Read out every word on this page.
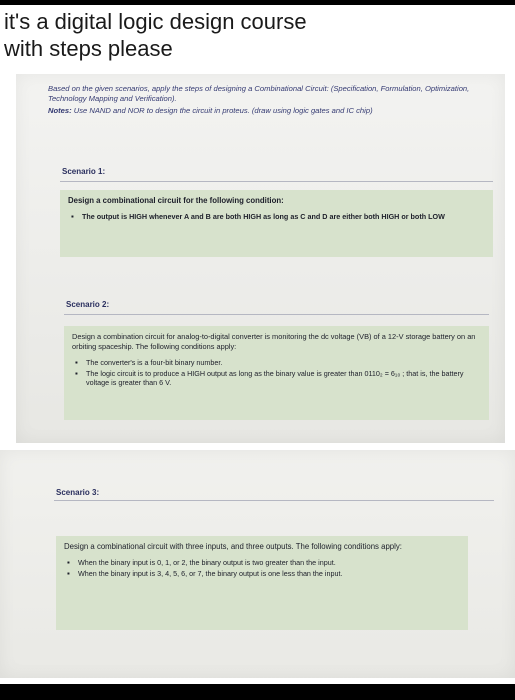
it's a digital logic design course
with steps please
Based on the given scenarios, apply the steps of designing a Combinational Circuit: (Specification, Formulation, Optimization, Technology Mapping and Verification).
Notes: Use NAND and NOR to design the circuit in proteus. (draw using logic gates and IC chip)
Scenario 1:
Design a combinational circuit for the following condition:
▪ The output is HIGH whenever A and B are both HIGH as long as C and D are either both HIGH or both LOW
Scenario 2:
Design a combination circuit for analog-to-digital converter is monitoring the dc voltage (VB) of a 12-V storage battery on an orbiting spaceship. The following conditions apply:
▪ The converter's is a four-bit binary number.
▪ The logic circuit is to produce a HIGH output as long as the binary value is greater than 0110₂ = 6₁₀ ; that is, the battery voltage is greater than 6 V.
Scenario 3:
Design a combinational circuit with three inputs, and three outputs. The following conditions apply:
▪ When the binary input is 0, 1, or 2, the binary output is two greater than the input.
▪ When the binary input is 3, 4, 5, 6, or 7, the binary output is one less than the input.
